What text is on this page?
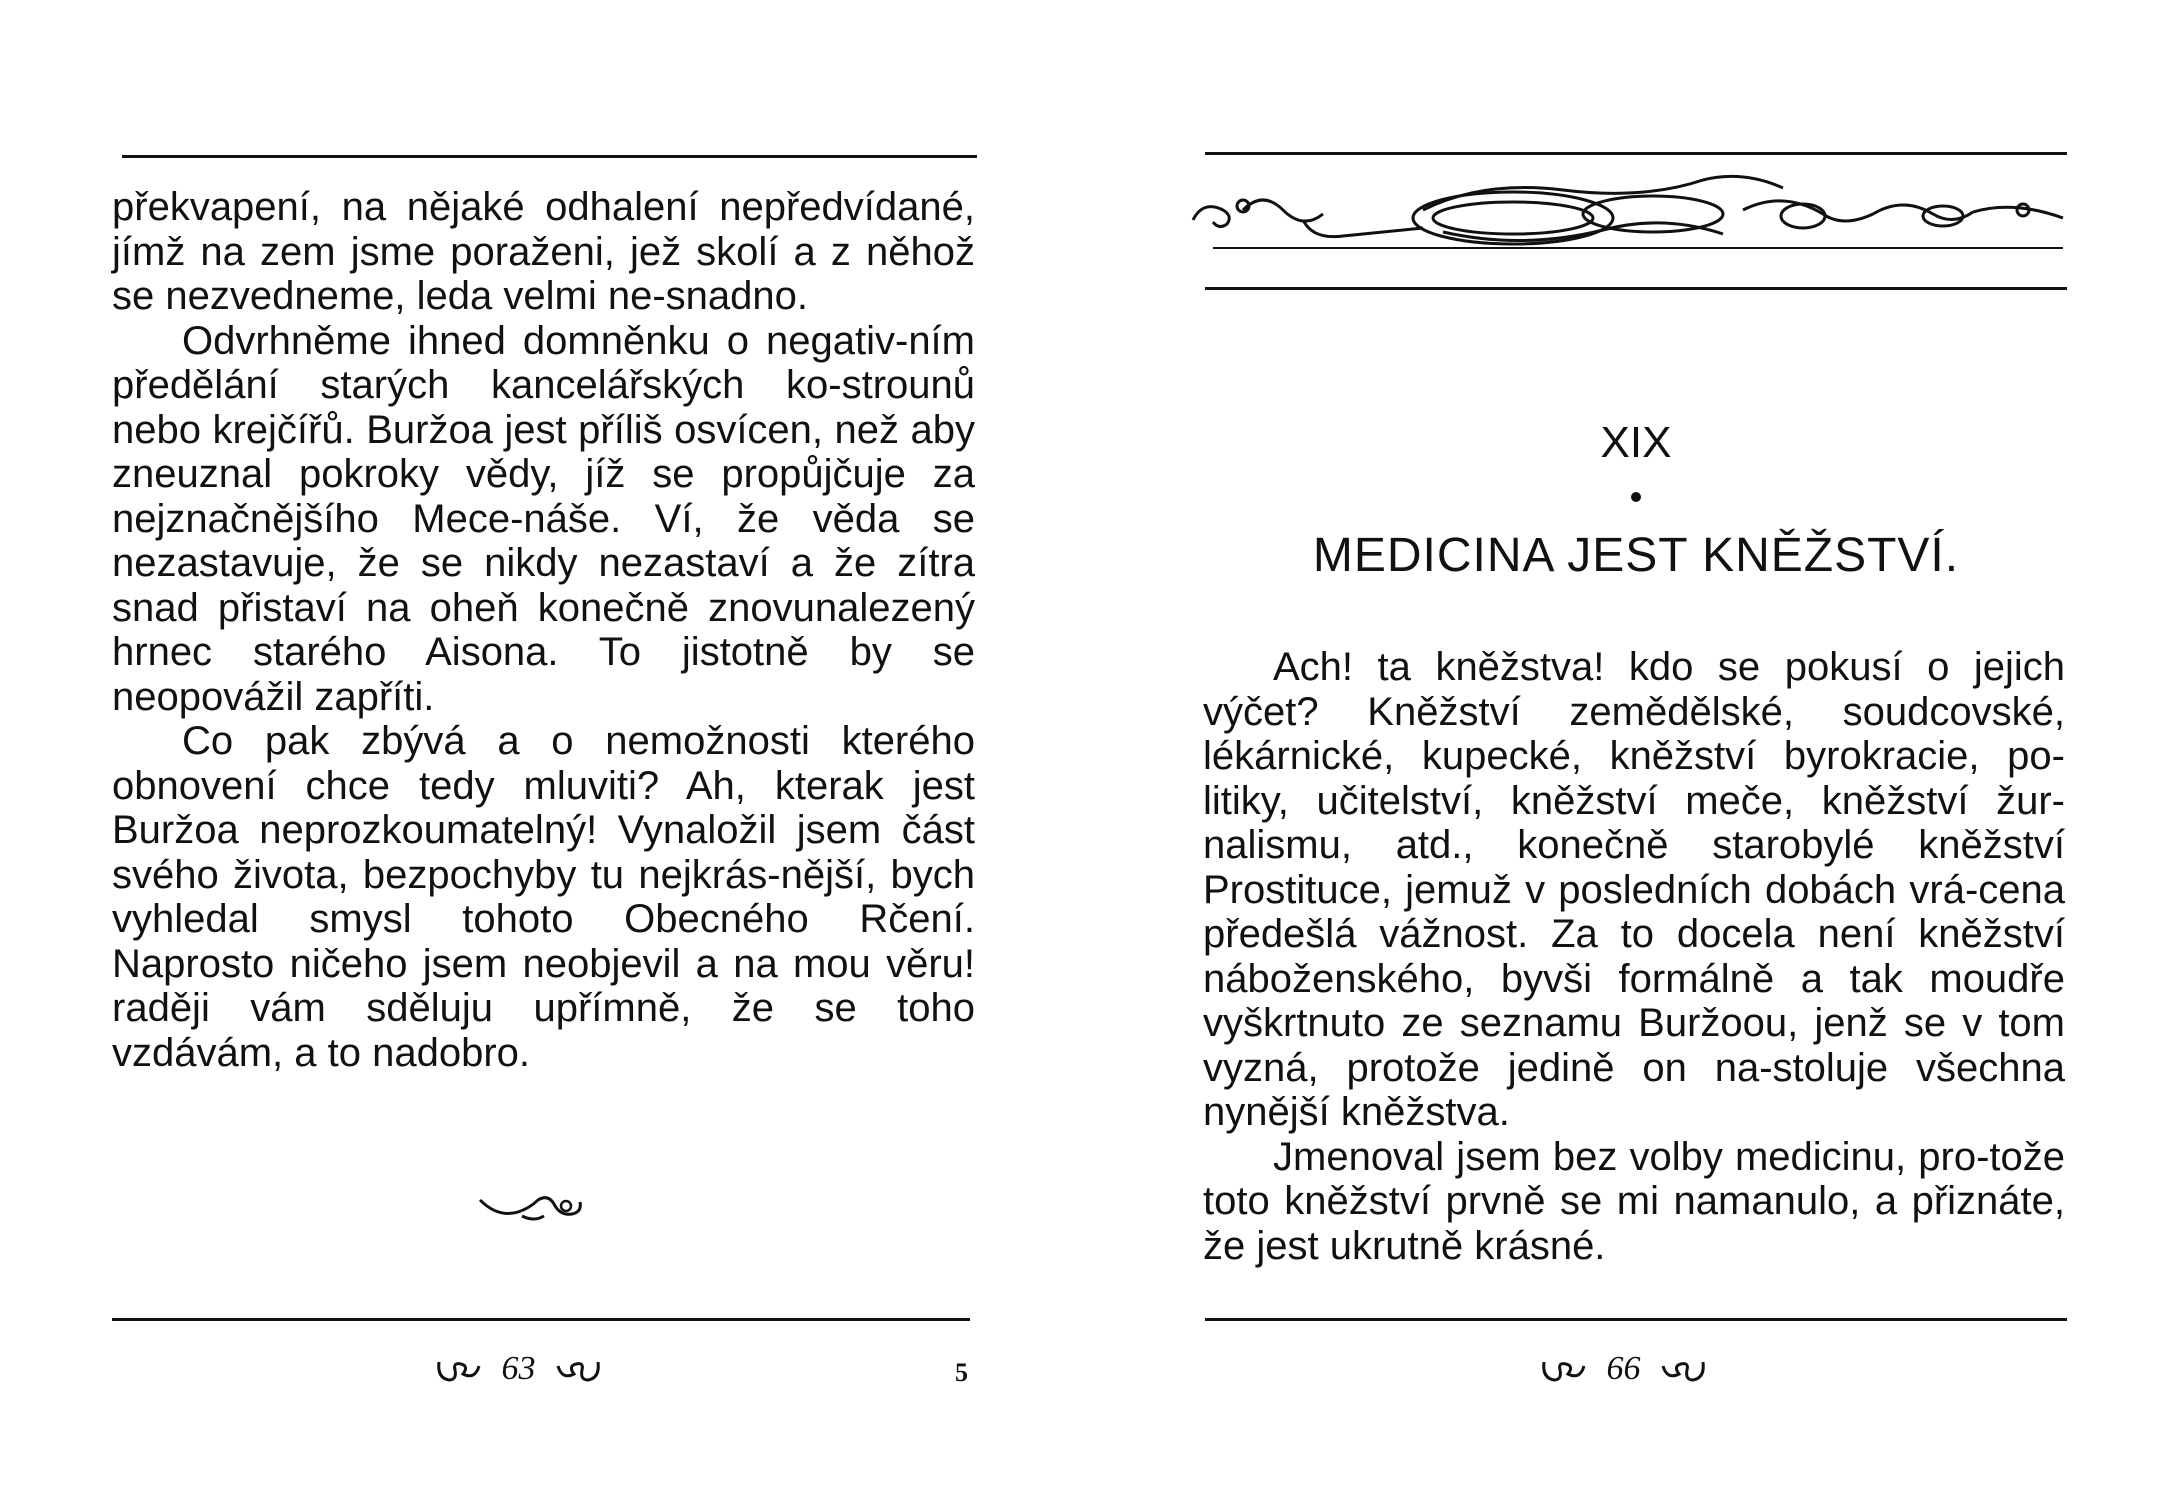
překvapení, na nějaké odhalení nepředvídané, jímž na zem jsme poraženi, jež skolí a z něhož se nezvedneme, leda velmi ne-snadno.

Odvrhněme ihned domněnku o negativ-ním předělání starých kancelářských ko-strounů nebo krejčířů. Buržoa jest příliš osvícen, než aby zneuznal pokroky vědy, jíž se propůjčuje za nejznačnějšího Mece-náše. Ví, že věda se nezastavuje, že se nikdy nezastaví a že zítra snad přistaví na oheň konečně znovunalezený hrnec starého Aisona. To jistotně by se neopovážil zapříti.

Co pak zbývá a o nemožnosti kterého obnovení chce tedy mluviti? Ah, kterak jest Buržoa neprozkoumatelný! Vynaložil jsem část svého života, bezpochyby tu nejkrás-nější, bych vyhledal smysl tohoto Obecného Rčení. Naprosto ničeho jsem neobjevil a na mou věru! raději vám sděluju upřímně, že se toho vzdávám, a to nadobro.

63	5
XIX
MEDICINA JEST KNĚŽSTVÍ.

Ach! ta kněžstva! kdo se pokusí o jejich výčet? Kněžství zemědělské, soudcovské, lékárnické, kupecké, kněžství byrokracie, po-litiky, učitelství, kněžství meče, kněžství žur-nalismu, atd., konečně starobylé kněžství Prostituce, jemuž v posledních dobách vrá-cena předešlá vážnost. Za to docela není kněžství náboženského, byvši formálně a tak moudře vyškrtnuto ze seznamu Buržoou, jenž se v tom vyzná, protože jedině on na-stoluje všechna nynější kněžstva.

Jmenoval jsem bez volby medicinu, pro-tože toto kněžství prvně se mi namanulo, a přiznáte, že jest ukrutně krásné.

66
